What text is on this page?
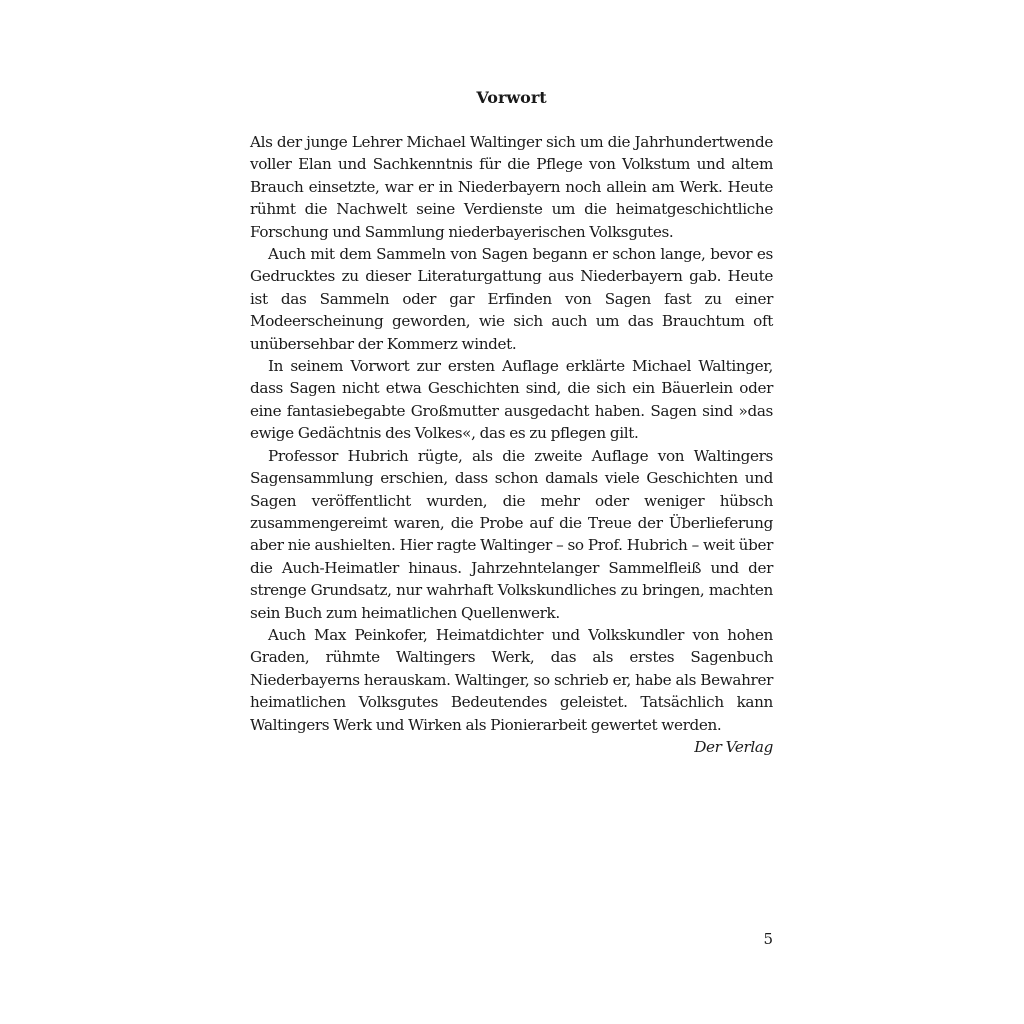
Vorwort

Als der junge Lehrer Michael Waltinger sich um die Jahrhundertwende voller Elan und Sachkenntnis für die Pflege von Volkstum und altem Brauch einsetzte, war er in Niederbayern noch allein am Werk. Heute rühmt die Nachwelt seine Verdienste um die heimatgeschichtliche Forschung und Sammlung niederbayerischen Volksgutes.

Auch mit dem Sammeln von Sagen begann er schon lange, bevor es Gedrucktes zu dieser Literaturgattung aus Niederbayern gab. Heute ist das Sammeln oder gar Erfinden von Sagen fast zu einer Modeerscheinung geworden, wie sich auch um das Brauchtum oft unübersehbar der Kommerz windet.

In seinem Vorwort zur ersten Auflage erklärte Michael Waltinger, dass Sagen nicht etwa Geschichten sind, die sich ein Bäuerlein oder eine fantasiebegabte Großmutter ausgedacht haben. Sagen sind »das ewige Gedächtnis des Volkes«, das es zu pflegen gilt.

Professor Hubrich rügte, als die zweite Auflage von Waltingers Sagensammlung erschien, dass schon damals viele Geschichten und Sagen veröffentlicht wurden, die mehr oder weniger hübsch zusammengereimt waren, die Probe auf die Treue der Überlieferung aber nie aushielten. Hier ragte Waltinger – so Prof. Hubrich – weit über die Auch-Heimatler hinaus. Jahrzehntelanger Sammelfleiß und der strenge Grundsatz, nur wahrhaft Volkskundliches zu bringen, machten sein Buch zum heimatlichen Quellenwerk.

Auch Max Peinkofer, Heimatdichter und Volkskundler von hohen Graden, rühmte Waltingers Werk, das als erstes Sagenbuch Niederbayerns herauskam. Waltinger, so schrieb er, habe als Bewahrer heimatlichen Volksgutes Bedeutendes geleistet. Tatsächlich kann Waltingers Werk und Wirken als Pionierarbeit gewertet werden.

Der Verlag

5
